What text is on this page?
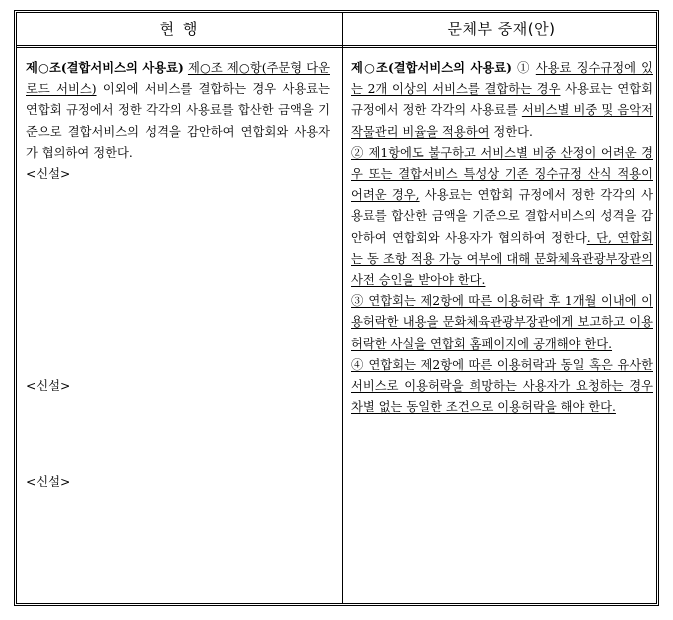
현 행	문체부 중재(안)

제○조(결합서비스의 사용료) 제○조 제○항(주문형 다운로드 서비스) 이외에 서비스를 결합하는 경우 사용료는 연합회 규정에서 정한 각각의 사용료를 합산한 금액을 기준으로 결합서비스의 성격을 감안하여 연합회와 사용자가 협의하여 정한다.

<신설>

<신설>

<신설>

제○조(결합서비스의 사용료) ① 사용료 징수규정에 있는 2개 이상의 서비스를 결합하는 경우 사용료는 연합회 규정에서 정한 각각의 사용료를 서비스별 비중 및 음악저작물관리 비율을 적용하여 정한다.

② 제1항에도 불구하고 서비스별 비중 산정이 어려운 경우 또는 결합서비스 특성상 기존 징수규정 산식 적용이 어려운 경우, 사용료는 연합회 규정에서 정한 각각의 사용료를 합산한 금액을 기준으로 결합서비스의 성격을 감안하여 연합회와 사용자가 협의하여 정한다. 단, 연합회는 동 조항 적용 가능 여부에 대해 문화체육관광부장관의 사전 승인을 받아야 한다.

③ 연합회는 제2항에 따른 이용허락 후 1개월 이내에 이용허락한 내용을 문화체육관광부장관에게 보고하고 이용허락한 사실을 연합회 홈페이지에 공개해야 한다.

④ 연합회는 제2항에 따른 이용허락과 동일 혹은 유사한 서비스로 이용허락을 희망하는 사용자가 요청하는 경우 차별 없는 동일한 조건으로 이용허락을 해야 한다.
